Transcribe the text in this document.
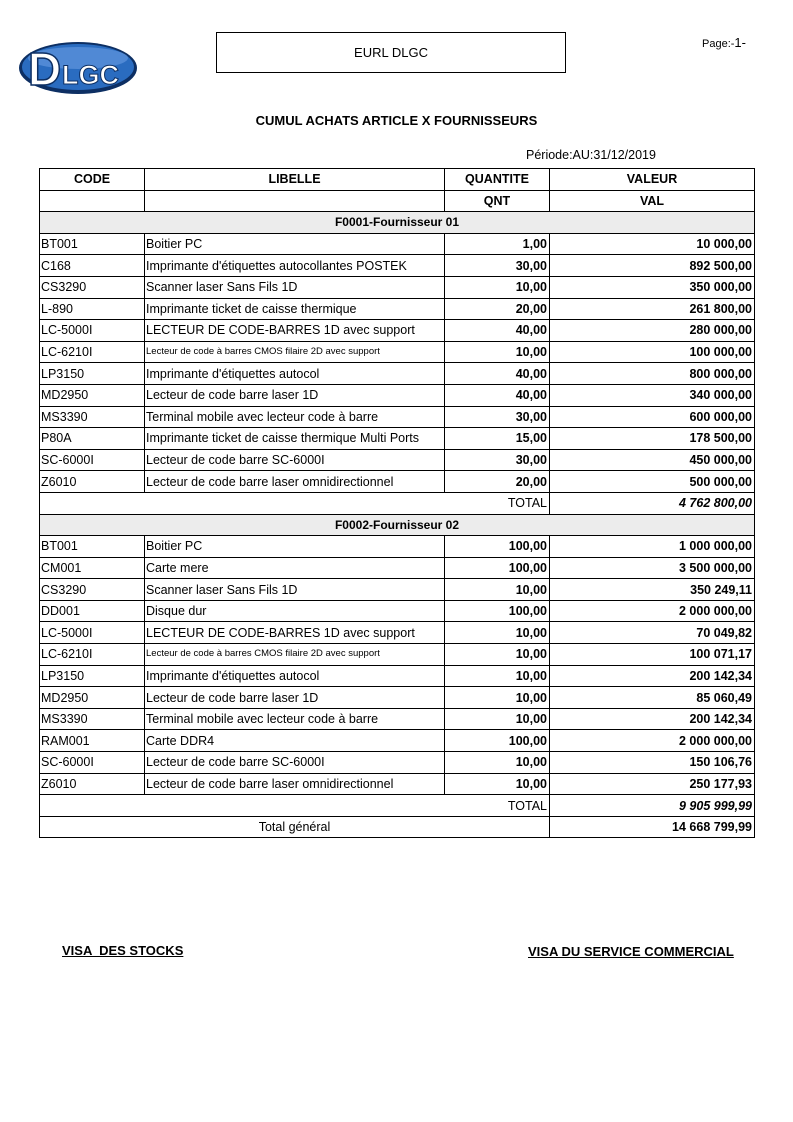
D LGC
EURL DLGC
Page:-1-
CUMUL ACHATS ARTICLE X FOURNISSEURS
Période:AU:31/12/2019
CODE	LIBELLE	QUANTITE	VALEUR
		QNT	VAL
F0001-Fournisseur 01			
BT001	Boitier PC	1,00	10 000,00
C168	Imprimante d'étiquettes autocollantes POSTEK	30,00	892 500,00
CS3290	Scanner laser Sans Fils 1D	10,00	350 000,00
L-890	Imprimante ticket de caisse thermique	20,00	261 800,00
LC-5000I	LECTEUR DE CODE-BARRES 1D avec support	40,00	280 000,00
LC-6210I	Lecteur de code à barres CMOS filaire 2D avec support	10,00	100 000,00
LP3150	Imprimante d'étiquettes autocol	40,00	800 000,00
MD2950	Lecteur de code barre laser 1D	40,00	340 000,00
MS3390	Terminal mobile avec lecteur code à barre	30,00	600 000,00
P80A	Imprimante ticket de caisse thermique Multi Ports	15,00	178 500,00
SC-6000I	Lecteur de code barre SC-6000I	30,00	450 000,00
Z6010	Lecteur de code barre laser omnidirectionnel	20,00	500 000,00
		TOTAL	4 762 800,00
F0002-Fournisseur 02			
BT001	Boitier PC	100,00	1 000 000,00
CM001	Carte mere	100,00	3 500 000,00
CS3290	Scanner laser Sans Fils 1D	10,00	350 249,11
DD001	Disque dur	100,00	2 000 000,00
LC-5000I	LECTEUR DE CODE-BARRES 1D avec support	10,00	70 049,82
LC-6210I	Lecteur de code à barres CMOS filaire 2D avec support	10,00	100 071,17
LP3150	Imprimante d'étiquettes autocol	10,00	200 142,34
MD2950	Lecteur de code barre laser 1D	10,00	85 060,49
MS3390	Terminal mobile avec lecteur code à barre	10,00	200 142,34
RAM001	Carte DDR4	100,00	2 000 000,00
SC-6000I	Lecteur de code barre SC-6000I	10,00	150 106,76
Z6010	Lecteur de code barre laser omnidirectionnel	10,00	250 177,93
		TOTAL	9 905 999,99
Total général			14 668 799,99
VISA  DES STOCKS	VISA DU SERVICE COMMERCIAL
